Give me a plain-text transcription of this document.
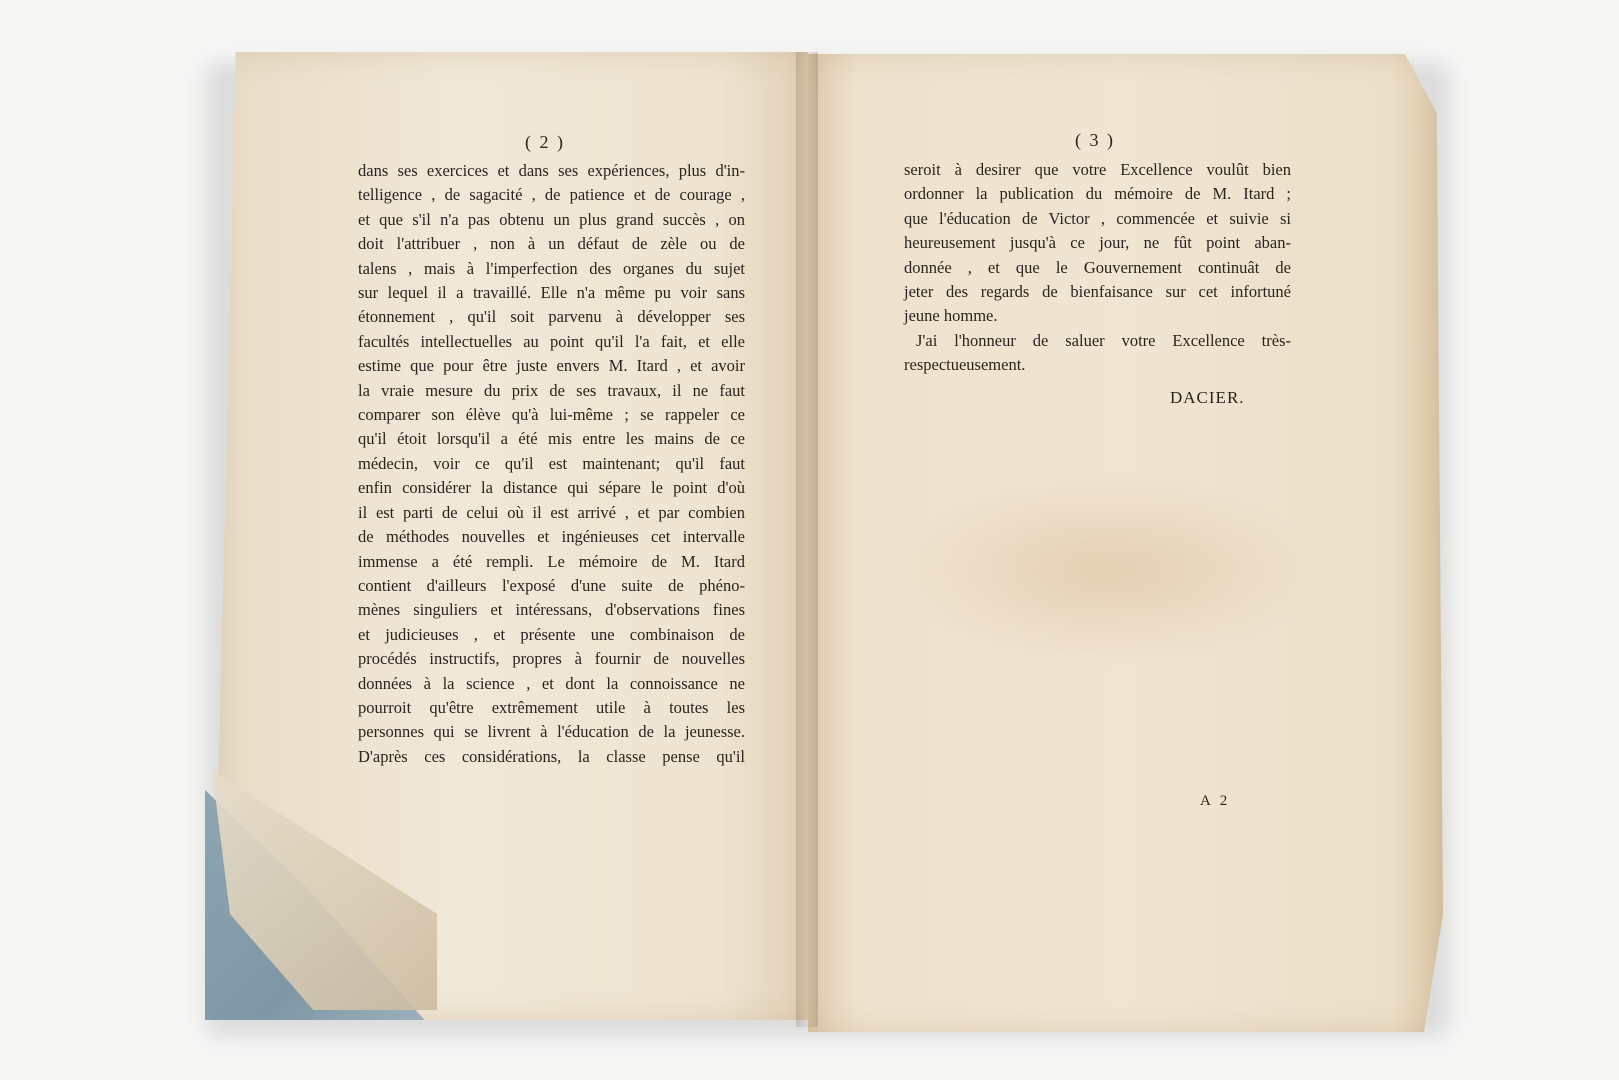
( 2 )	( 3 )
dans ses exercices et dans ses expériences, plus d'in-
telligence , de sagacité , de patience et de courage ,
et que s'il n'a pas obtenu un plus grand succès , on
doit l'attribuer , non à un défaut de zèle ou de
talens , mais à l'imperfection des organes du sujet
sur lequel il a travaillé. Elle n'a même pu voir sans
étonnement , qu'il soit parvenu à développer ses
facultés intellectuelles au point qu'il l'a fait, et elle
estime que pour être juste envers M. Itard , et avoir
la vraie mesure du prix de ses travaux, il ne faut
comparer son élève qu'à lui-même ; se rappeler ce
qu'il étoit lorsqu'il a été mis entre les mains de ce
médecin, voir ce qu'il est maintenant; qu'il faut
enfin considérer la distance qui sépare le point d'où
il est parti de celui où il est arrivé , et par combien
de méthodes nouvelles et ingénieuses cet intervalle
immense a été rempli. Le mémoire de M. Itard
contient d'ailleurs l'exposé d'une suite de phéno-
mènes singuliers et intéressans, d'observations fines
et judicieuses , et présente une combinaison de
procédés instructifs, propres à fournir de nouvelles
données à la science , et dont la connoissance ne
pourroit qu'être extrêmement utile à toutes les
personnes qui se livrent à l'éducation de la jeunesse.
D'après ces considérations, la classe pense qu'il
seroit à desirer que votre Excellence voulût bien
ordonner la publication du mémoire de M. Itard ;
que l'éducation de Victor , commencée et suivie si
heureusement jusqu'à ce jour, ne fût point aban-
donnée , et que le Gouvernement continuât de
jeter des regards de bienfaisance sur cet infortuné
jeune homme.
J'ai l'honneur de saluer votre Excellence très-
respectueusement.
DACIER.
A 2
